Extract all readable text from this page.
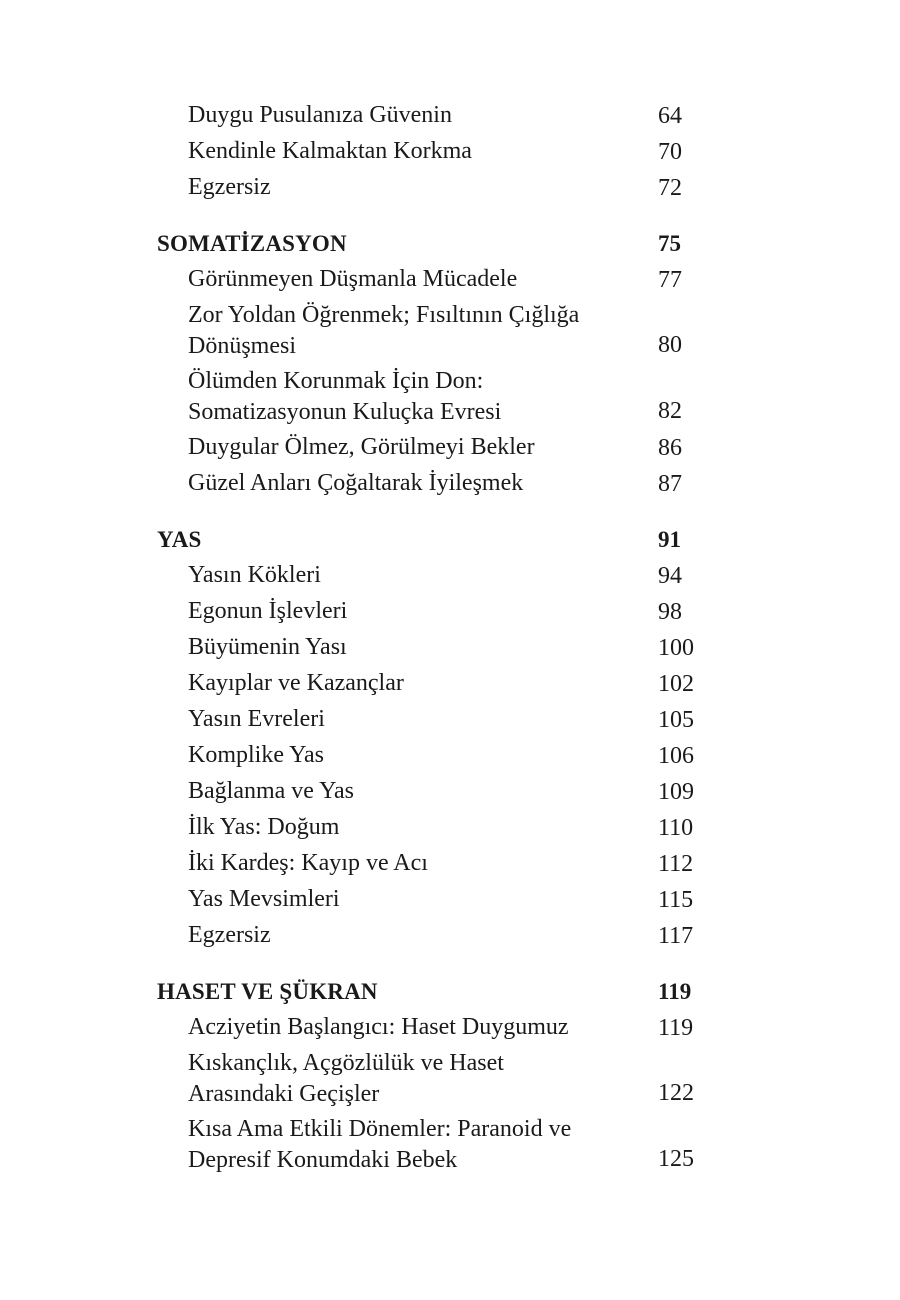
Duygu Pusulanıza Güvenin	64
Kendinle Kalmaktan Korkma	70
Egzersiz	72
SOMATİZASYON	75
Görünmeyen Düşmanla Mücadele	77
Zor Yoldan Öğrenmek; Fısıltının Çığlığa
Dönüşmesi	80
Ölümden Korunmak İçin Don:
Somatizasyonun Kuluçka Evresi	82
Duygular Ölmez, Görülmeyi Bekler	86
Güzel Anları Çoğaltarak İyileşmek	87
YAS	91
Yasın Kökleri	94
Egonun İşlevleri	98
Büyümenin Yası	100
Kayıplar ve Kazançlar	102
Yasın Evreleri	105
Komplike Yas	106
Bağlanma ve Yas	109
İlk Yas: Doğum	110
İki Kardeş: Kayıp ve Acı	112
Yas Mevsimleri	115
Egzersiz	117
HASET VE ŞÜKRAN	119
Acziyetin Başlangıcı: Haset Duygumuz	119
Kıskançlık, Açgözlülük ve Haset
Arasındaki Geçişler	122
Kısa Ama Etkili Dönemler: Paranoid ve
Depresif Konumdaki Bebek	125
